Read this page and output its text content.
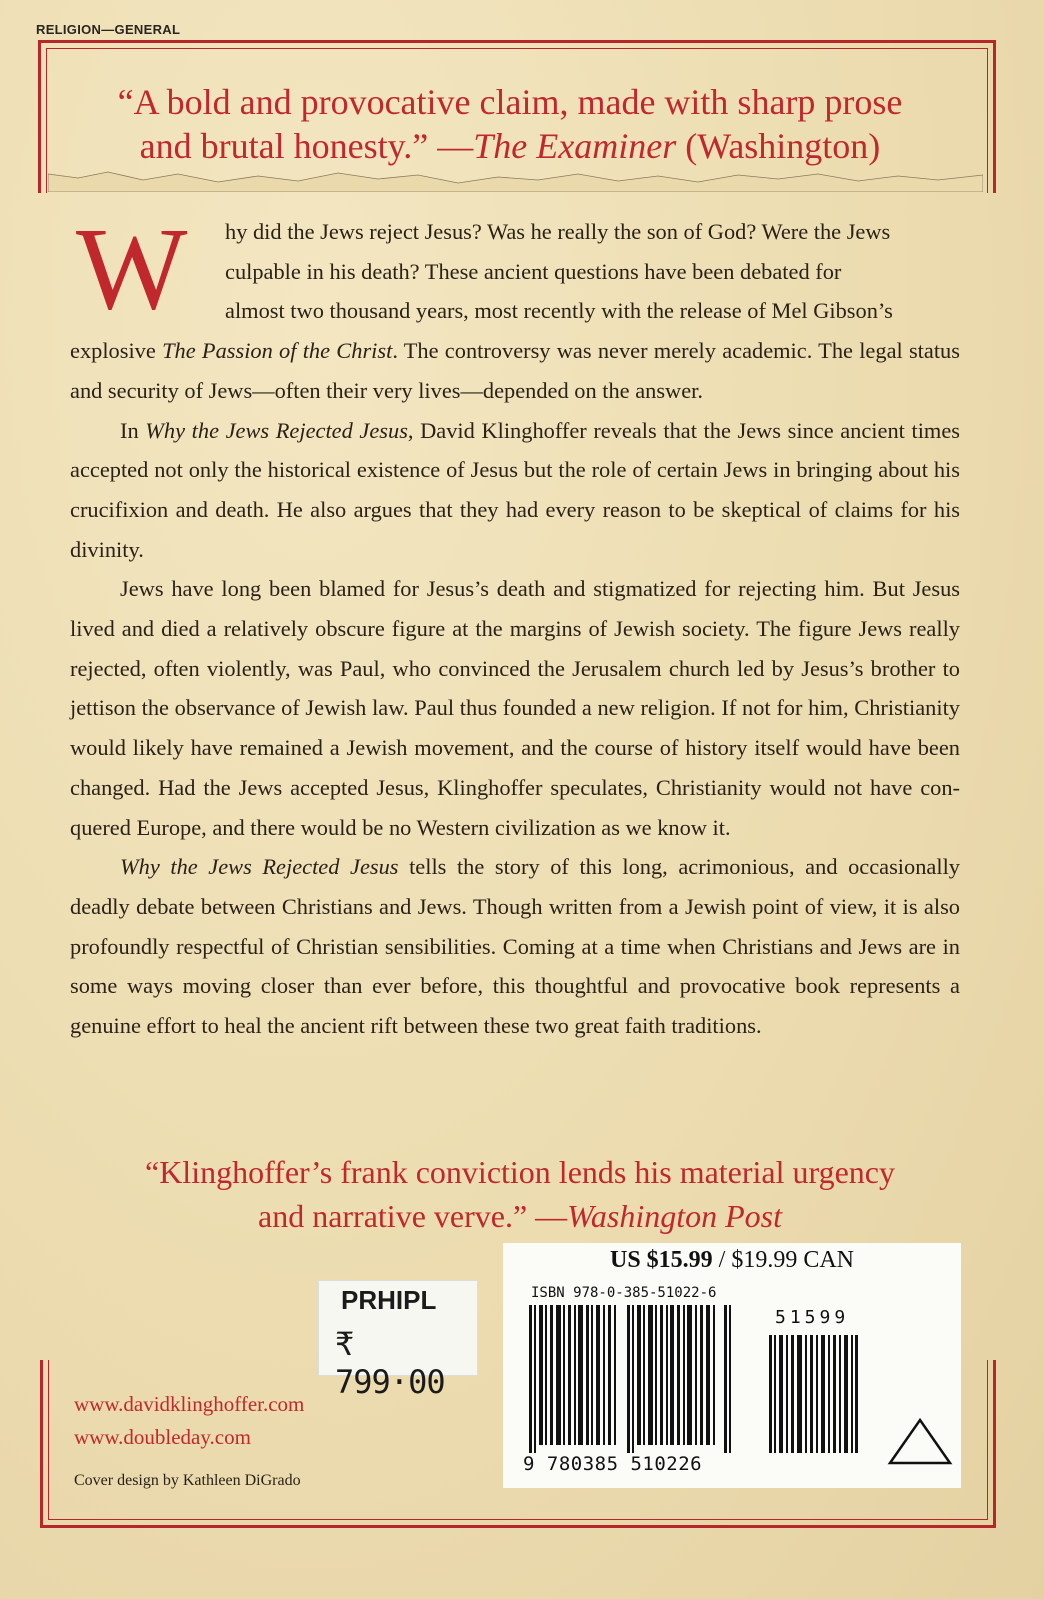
RELIGION—GENERAL
“A bold and provocative claim, made with sharp prose
and brutal honesty.” —The Examiner (Washington)
W	hy did the Jews reject Jesus? Was he really the son of God? Were the Jews
culpable in his death? These ancient questions have been debated for
almost two thousand years, most recently with the release of Mel Gibson’s

explosive The Passion of the Christ. The controversy was never merely academic. The legal status and security of Jews—often their very lives—depended on the answer.

In Why the Jews Rejected Jesus, David Klinghoffer reveals that the Jews since ancient times accepted not only the historical existence of Jesus but the role of certain Jews in bringing about his crucifixion and death. He also argues that they had every reason to be skeptical of claims for his divinity.

Jews have long been blamed for Jesus’s death and stigmatized for rejecting him. But Jesus lived and died a relatively obscure figure at the margins of Jewish society. The figure Jews really rejected, often violently, was Paul, who convinced the Jerusalem church led by Jesus’s brother to jettison the observance of Jewish law. Paul thus founded a new religion. If not for him, Christianity would likely have remained a Jewish movement, and the course of history itself would have been changed. Had the Jews accepted Jesus, Klinghoffer speculates, Christianity would not have con-quered Europe, and there would be no Western civilization as we know it.

Why the Jews Rejected Jesus tells the story of this long, acrimonious, and occasionally deadly debate between Christians and Jews. Though written from a Jewish point of view, it is also profoundly respectful of Christian sensibilities. Coming at a time when Christians and Jews are in some ways moving closer than ever before, this thoughtful and provocative book represents a genuine effort to heal the ancient rift between these two great faith traditions.

“Klinghoffer’s frank conviction lends his material urgency
and narrative verve.” —Washington Post
www.davidklinghoffer.com
www.doubleday.com
Cover design by Kathleen DiGrado
PRHIPL
₹ 799·00
US $15.99 / $19.99 CAN
ISBN 978-0-385-51022-6
9 780385 510226
51599
